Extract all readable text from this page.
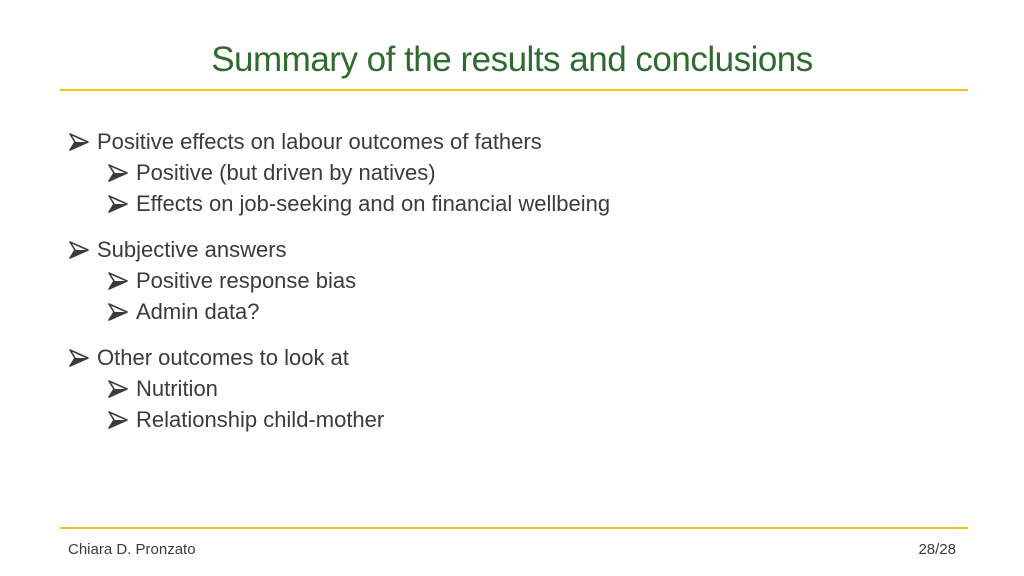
Summary of the results and conclusions
Positive effects on labour outcomes of fathers
Positive (but driven by natives)
Effects on job-seeking and on financial wellbeing
Subjective answers
Positive response bias
Admin data?
Other outcomes to look at
Nutrition
Relationship child-mother
Chiara D. Pronzato	28/28
